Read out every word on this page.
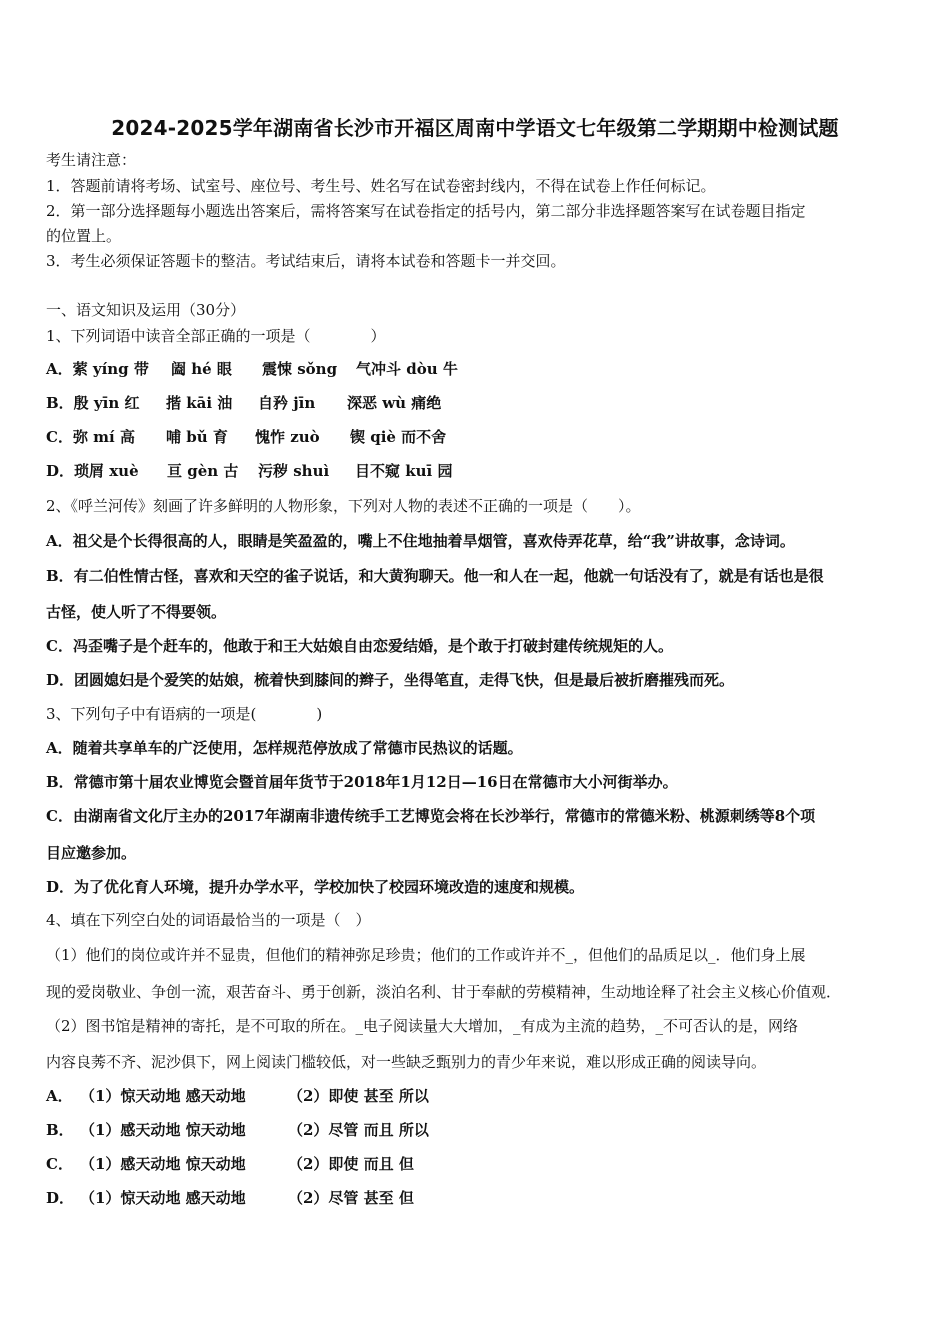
2024-2025学年湖南省长沙市开福区周南中学语文七年级第二学期期中检测试题
考生请注意：
1．答题前请将考场、试室号、座位号、考生号、姓名写在试卷密封线内，不得在试卷上作任何标记。
2．第一部分选择题每小题选出答案后，需将答案写在试卷指定的括号内，第二部分非选择题答案写在试卷题目指定
的位置上。
3．考生必须保证答题卡的整洁。考试结束后，请将本试卷和答题卡一并交回。
一、语文知识及运用（30分）
1、下列词语中读音全部正确的一项是（　　　　）
A．萦 yíng 带 阖 hé 眼 震悚 sǒng 气冲斗 dòu 牛
B．殷 yīn 红 揩 kāi 油 自矜 jīn 深恶 wù 痛绝
C．弥 mí 高 哺 bǔ 育 愧怍 zuò 锲 qiè 而不舍
D．琐屑 xuè 亘 gèn 古 污秽 shuì 目不窥 kuī 园
2、《呼兰河传》刻画了许多鲜明的人物形象，下列对人物的表述不正确的一项是（　　）。
A．祖父是个长得很高的人，眼睛是笑盈盈的，嘴上不住地抽着旱烟管，喜欢侍弄花草，给“我”讲故事，念诗词。
B．有二伯性情古怪，喜欢和天空的雀子说话，和大黄狗聊天。他一和人在一起，他就一句话没有了，就是有话也是很
古怪，使人听了不得要领。
C．冯歪嘴子是个赶车的，他敢于和王大姑娘自由恋爱结婚，是个敢于打破封建传统规矩的人。
D．团圆媳妇是个爱笑的姑娘，梳着快到膝间的辫子，坐得笔直，走得飞快，但是最后被折磨摧残而死。
3、下列句子中有语病的一项是(　　　　)
A．随着共享单车的广泛使用，怎样规范停放成了常德市民热议的话题。
B．常德市第十届农业博览会暨首届年货节于2018年1月12日—16日在常德市大小河街举办。
C．由湖南省文化厅主办的2017年湖南非遗传统手工艺博览会将在长沙举行，常德市的常德米粉、桃源刺绣等8个项
目应邀参加。
D．为了优化育人环境，提升办学水平，学校加快了校园环境改造的速度和规模。
4、填在下列空白处的词语最恰当的一项是（　）
（1）他们的岗位或许并不显贵，但他们的精神弥足珍贵；他们的工作或许并不_，但他们的品质足以_．他们身上展
现的爱岗敬业、争创一流，艰苦奋斗、勇于创新，淡泊名利、甘于奉献的劳模精神，生动地诠释了社会主义核心价值观．
（2）图书馆是精神的寄托，是不可取的所在。_电子阅读量大大增加，_有成为主流的趋势，_不可否认的是，网络
内容良莠不齐、泥沙俱下，网上阅读门槛较低，对一些缺乏甄别力的青少年来说，难以形成正确的阅读导向。
A． （1）惊天动地 感天动地	（2）即使 甚至 所以
B． （1）感天动地 惊天动地	（2）尽管 而且 所以
C． （1）感天动地 惊天动地	（2）即使 而且 但
D． （1）惊天动地 感天动地	（2）尽管 甚至 但
